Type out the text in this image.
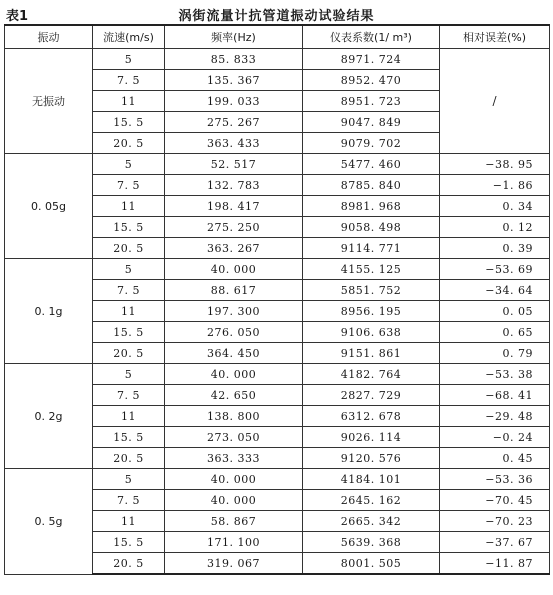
表1	涡街流量计抗管道振动试验结果
振动	流速(m/s)	频率(Hz)	仪表系数(1/ m³)	相对误差(%)
无振动	5	85. 833	8971. 724	/
	7. 5	135. 367	8952. 470	
	11	199. 033	8951. 723	
	15. 5	275. 267	9047. 849	
	20. 5	363. 433	9079. 702	
0. 05g	5	52. 517	5477. 460	−38. 95
	7. 5	132. 783	8785. 840	−1. 86
	11	198. 417	8981. 968	0. 34
	15. 5	275. 250	9058. 498	0. 12
	20. 5	363. 267	9114. 771	0. 39
0. 1g	5	40. 000	4155. 125	−53. 69
	7. 5	88. 617	5851. 752	−34. 64
	11	197. 300	8956. 195	0. 05
	15. 5	276. 050	9106. 638	0. 65
	20. 5	364. 450	9151. 861	0. 79
0. 2g	5	40. 000	4182. 764	−53. 38
	7. 5	42. 650	2827. 729	−68. 41
	11	138. 800	6312. 678	−29. 48
	15. 5	273. 050	9026. 114	−0. 24
	20. 5	363. 333	9120. 576	0. 45
0. 5g	5	40. 000	4184. 101	−53. 36
	7. 5	40. 000	2645. 162	−70. 45
	11	58. 867	2665. 342	−70. 23
	15. 5	171. 100	5639. 368	−37. 67
	20. 5	319. 067	8001. 505	−11. 87
